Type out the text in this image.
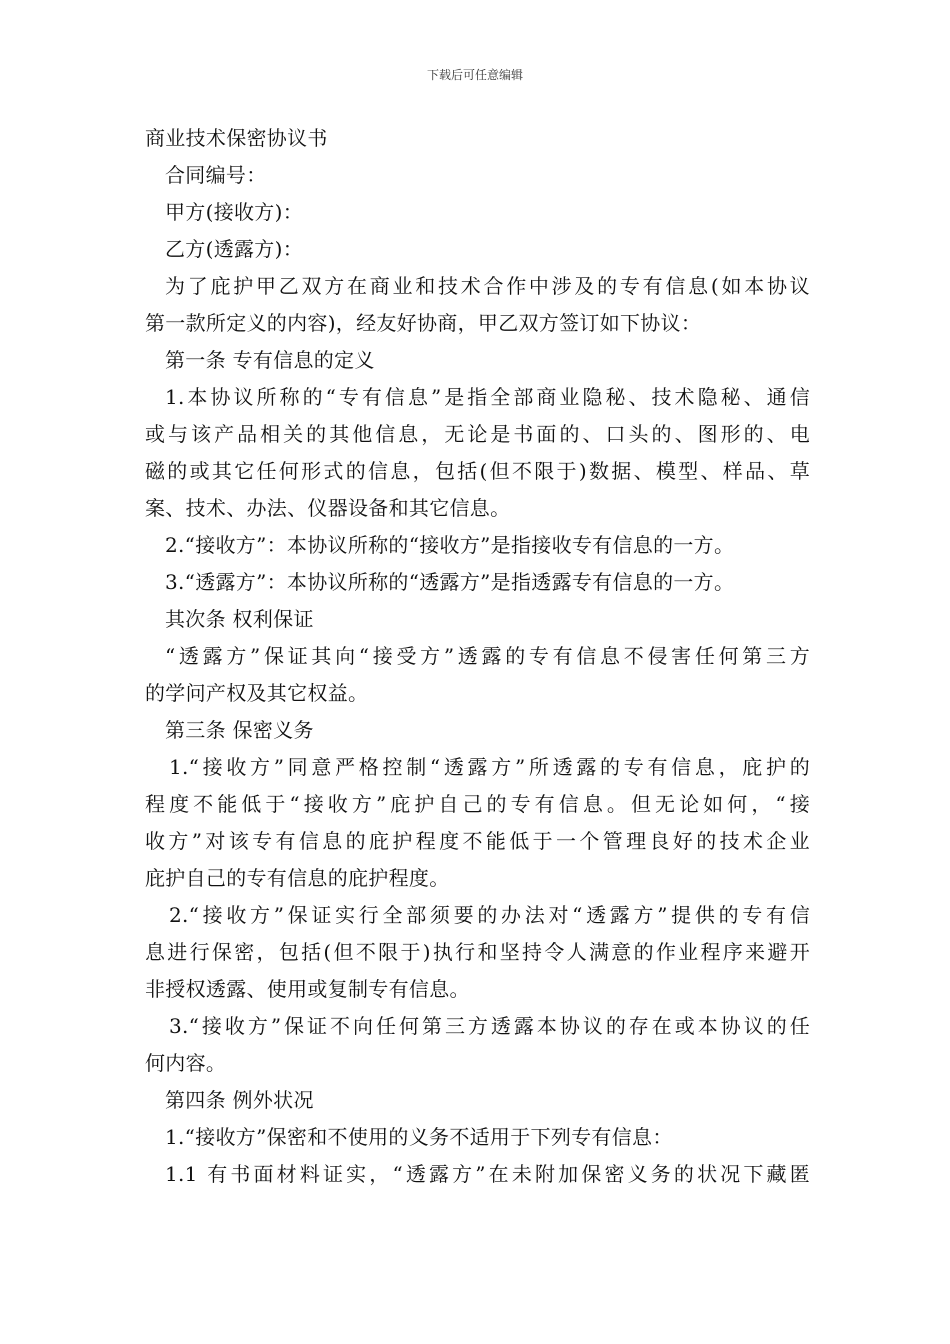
下载后可任意编辑
商业技术保密协议书
合同编号：
甲方(接收方)：
乙方(透露方)：
为了庇护甲乙双方在商业和技术合作中涉及的专有信息(如本协议
第一款所定义的内容)，经友好协商，甲乙双方签订如下协议：
第一条 专有信息的定义
1.本协议所称的“专有信息”是指全部商业隐秘、技术隐秘、通信
或与该产品相关的其他信息，无论是书面的、口头的、图形的、电
磁的或其它任何形式的信息，包括(但不限于)数据、模型、样品、草
案、技术、办法、仪器设备和其它信息。
2.“接收方”：本协议所称的“接收方”是指接收专有信息的一方。
3.“透露方”：本协议所称的“透露方”是指透露专有信息的一方。
其次条 权利保证
“透露方”保证其向“接受方”透露的专有信息不侵害任何第三方
的学问产权及其它权益。
第三条 保密义务
1.“接收方”同意严格控制“透露方”所透露的专有信息，庇护的
程度不能低于“接收方”庇护自己的专有信息。但无论如何，“接
收方”对该专有信息的庇护程度不能低于一个管理良好的技术企业
庇护自己的专有信息的庇护程度。
2.“接收方”保证实行全部须要的办法对“透露方”提供的专有信
息进行保密，包括(但不限于)执行和坚持令人满意的作业程序来避开
非授权透露、使用或复制专有信息。
3.“接收方”保证不向任何第三方透露本协议的存在或本协议的任
何内容。
第四条 例外状况
1.“接收方”保密和不使用的义务不适用于下列专有信息：
1.1 有书面材料证实，“透露方”在未附加保密义务的状况下藏匿
